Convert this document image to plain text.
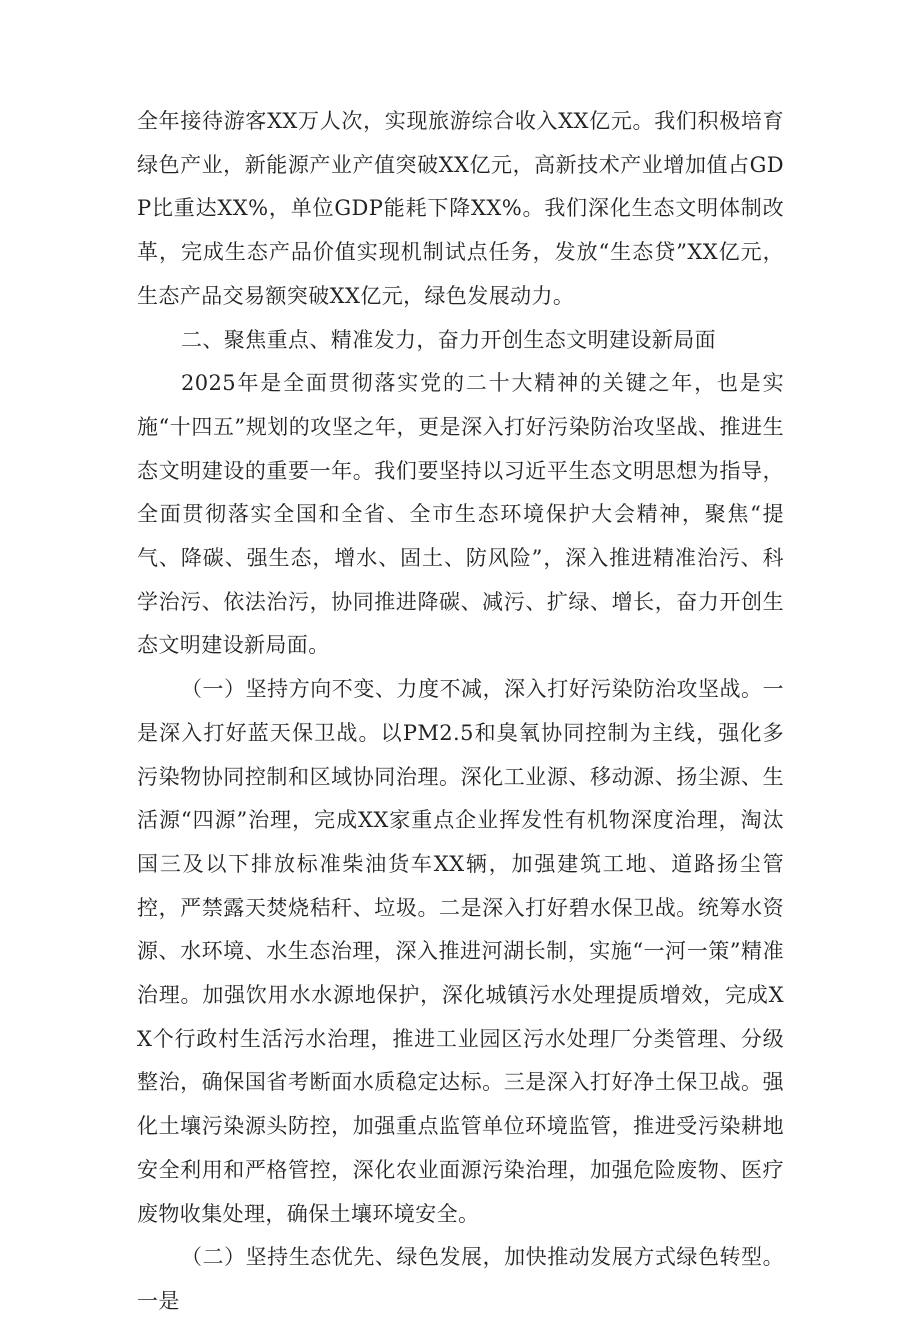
全年接待游客XX万人次，实现旅游综合收入XX亿元。我们积极培育绿色产业，新能源产业产值突破XX亿元，高新技术产业增加值占GDP比重达XX%，单位GDP能耗下降XX%。我们深化生态文明体制改革，完成生态产品价值实现机制试点任务，发放“生态贷”XX亿元，生态产品交易额突破XX亿元，绿色发展动力。

二、聚焦重点、精准发力，奋力开创生态文明建设新局面

2025年是全面贯彻落实党的二十大精神的关键之年，也是实施“十四五”规划的攻坚之年，更是深入打好污染防治攻坚战、推进生态文明建设的重要一年。我们要坚持以习近平生态文明思想为指导，全面贯彻落实全国和全省、全市生态环境保护大会精神，聚焦“提气、降碳、强生态，增水、固土、防风险”，深入推进精准治污、科学治污、依法治污，协同推进降碳、减污、扩绿、增长，奋力开创生态文明建设新局面。

（一）坚持方向不变、力度不减，深入打好污染防治攻坚战。一是深入打好蓝天保卫战。以PM2.5和臭氧协同控制为主线，强化多污染物协同控制和区域协同治理。深化工业源、移动源、扬尘源、生活源“四源”治理，完成XX家重点企业挥发性有机物深度治理，淘汰国三及以下排放标准柴油货车XX辆，加强建筑工地、道路扬尘管控，严禁露天焚烧秸秆、垃圾。二是深入打好碧水保卫战。统筹水资源、水环境、水生态治理，深入推进河湖长制，实施“一河一策”精准治理。加强饮用水水源地保护，深化城镇污水处理提质增效，完成XX个行政村生活污水治理，推进工业园区污水处理厂分类管理、分级整治，确保国省考断面水质稳定达标。三是深入打好净土保卫战。强化土壤污染源头防控，加强重点监管单位环境监管，推进受污染耕地安全利用和严格管控，深化农业面源污染治理，加强危险废物、医疗废物收集处理，确保土壤环境安全。

（二）坚持生态优先、绿色发展，加快推动发展方式绿色转型。一是
